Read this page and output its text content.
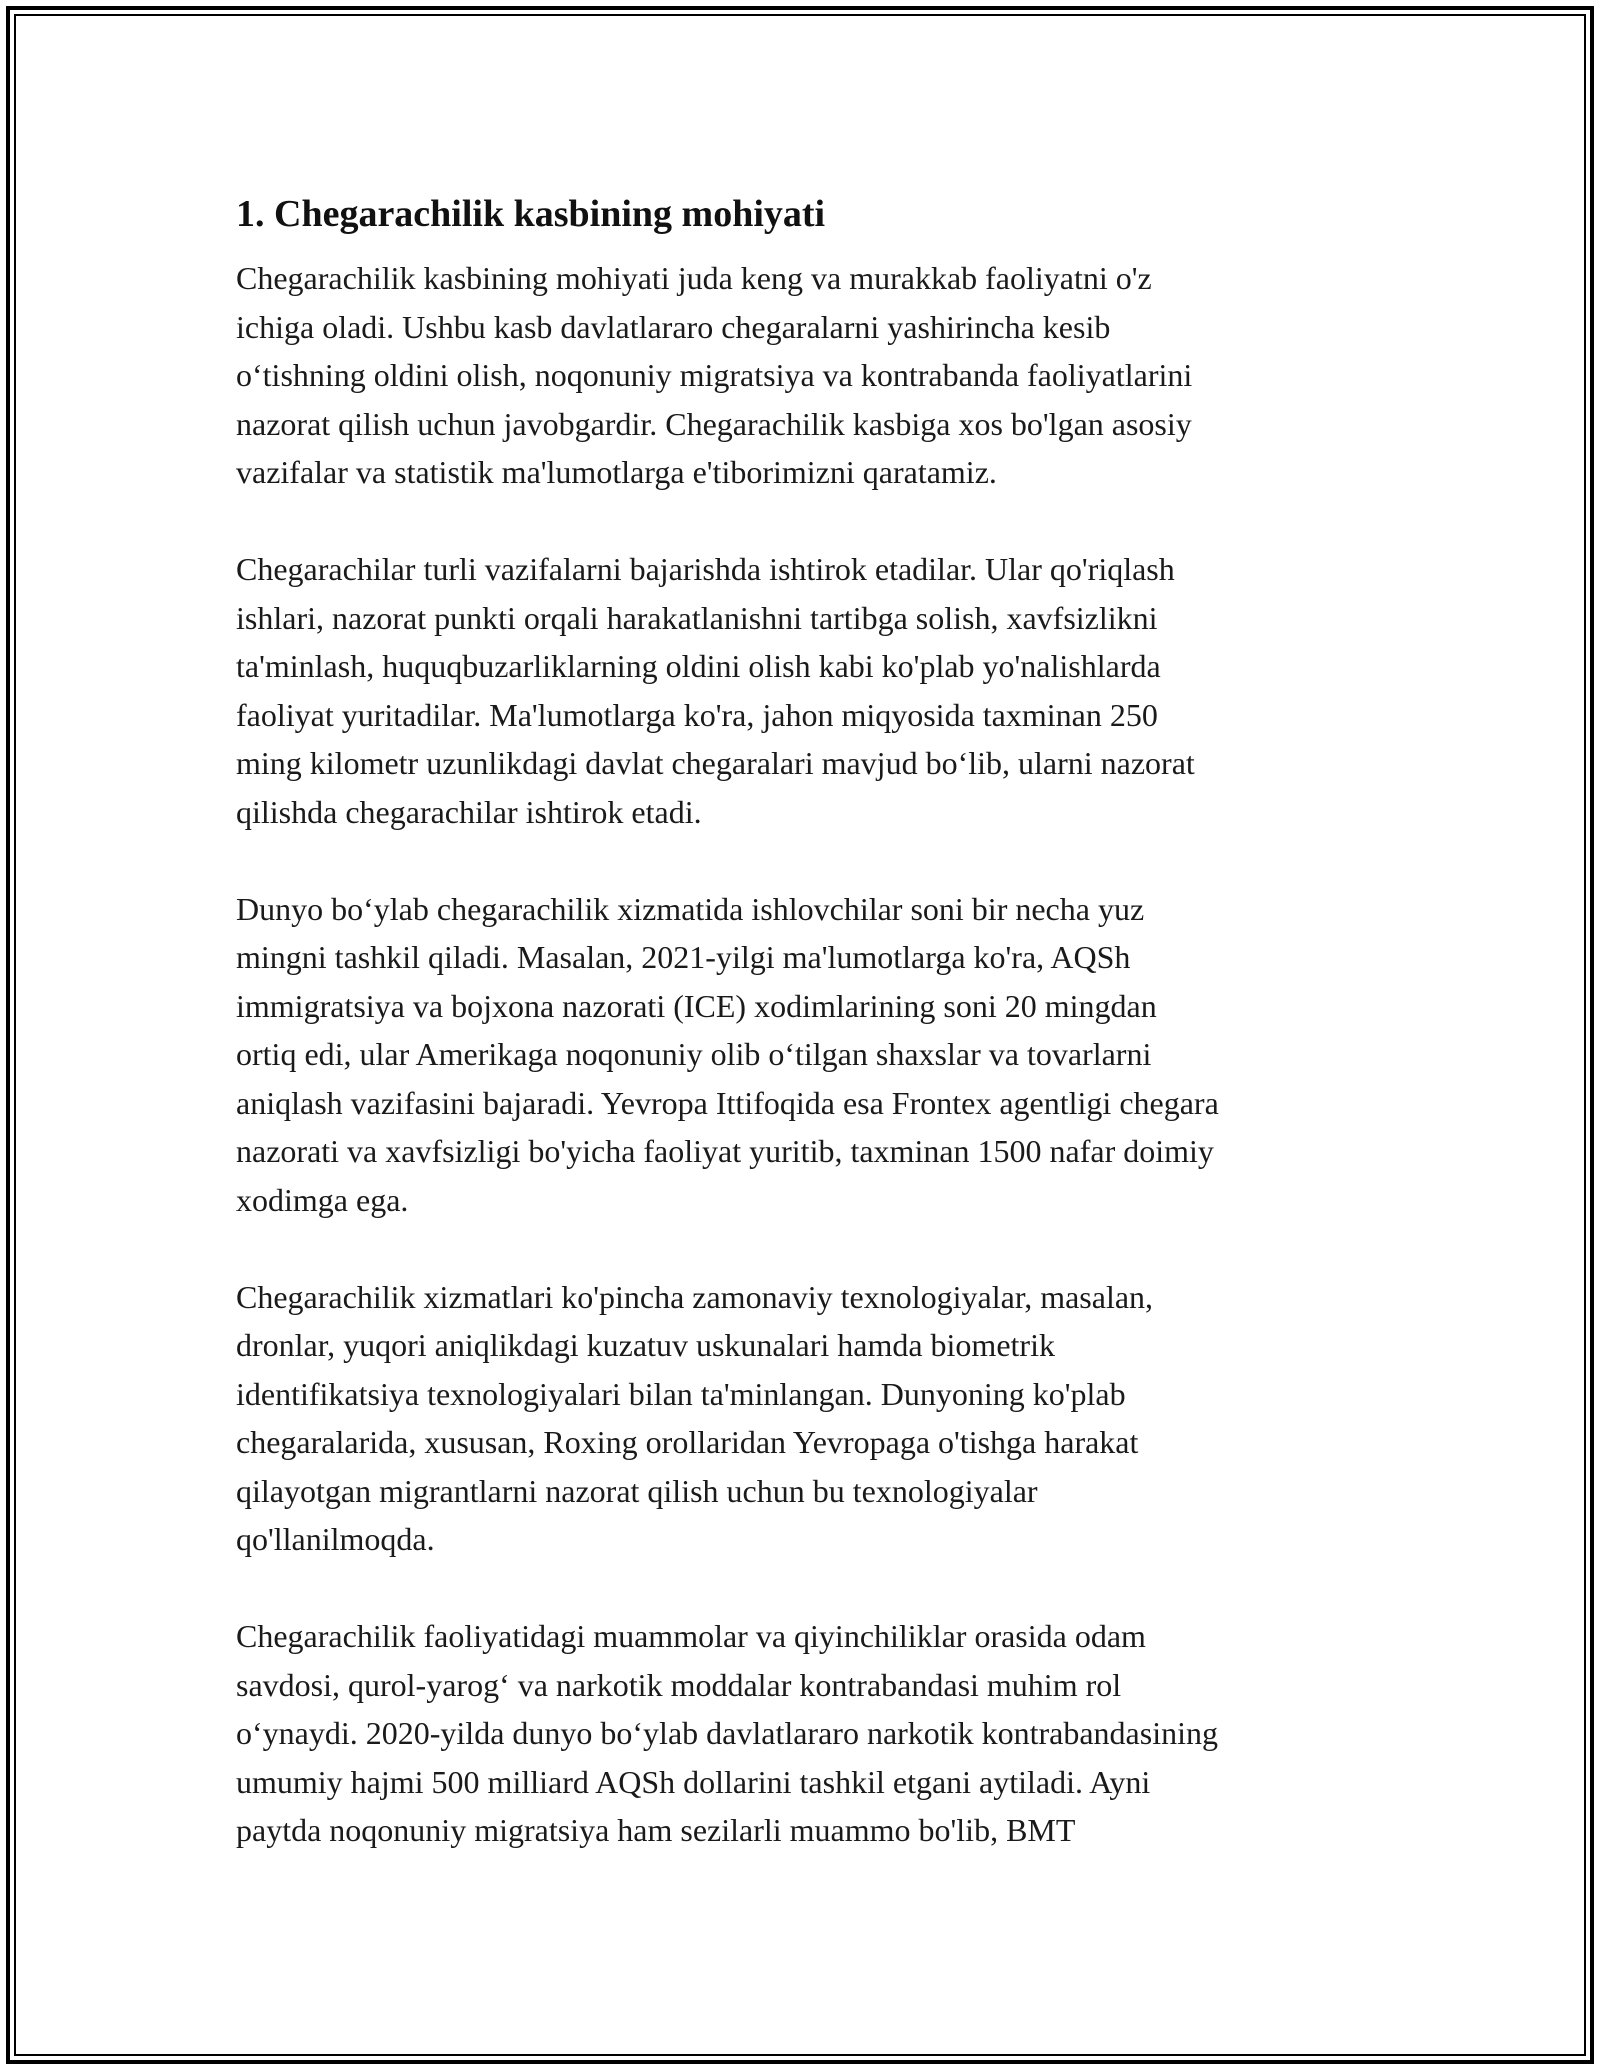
1. Chegarachilik kasbining mohiyati

Chegarachilik kasbining mohiyati juda keng va murakkab faoliyatni o'z
ichiga oladi. Ushbu kasb davlatlararo chegaralarni yashirincha kesib
o‘tishning oldini olish, noqonuniy migratsiya va kontrabanda faoliyatlarini
nazorat qilish uchun javobgardir. Chegarachilik kasbiga xos bo'lgan asosiy
vazifalar va statistik ma'lumotlarga e'tiborimizni qaratamiz.

Chegarachilar turli vazifalarni bajarishda ishtirok etadilar. Ular qo'riqlash
ishlari, nazorat punkti orqali harakatlanishni tartibga solish, xavfsizlikni
ta'minlash, huquqbuzarliklarning oldini olish kabi ko'plab yo'nalishlarda
faoliyat yuritadilar. Ma'lumotlarga ko'ra, jahon miqyosida taxminan 250
ming kilometr uzunlikdagi davlat chegaralari mavjud bo‘lib, ularni nazorat
qilishda chegarachilar ishtirok etadi.

Dunyo bo‘ylab chegarachilik xizmatida ishlovchilar soni bir necha yuz
mingni tashkil qiladi. Masalan, 2021-yilgi ma'lumotlarga ko'ra, AQSh
immigratsiya va bojxona nazorati (ICE) xodimlarining soni 20 mingdan
ortiq edi, ular Amerikaga noqonuniy olib o‘tilgan shaxslar va tovarlarni
aniqlash vazifasini bajaradi. Yevropa Ittifoqida esa Frontex agentligi chegara
nazorati va xavfsizligi bo'yicha faoliyat yuritib, taxminan 1500 nafar doimiy
xodimga ega.

Chegarachilik xizmatlari ko'pincha zamonaviy texnologiyalar, masalan,
dronlar, yuqori aniqlikdagi kuzatuv uskunalari hamda biometrik
identifikatsiya texnologiyalari bilan ta'minlangan. Dunyoning ko'plab
chegaralarida, xususan, Roxing orollaridan Yevropaga o'tishga harakat
qilayotgan migrantlarni nazorat qilish uchun bu texnologiyalar
qo'llanilmoqda.

Chegarachilik faoliyatidagi muammolar va qiyinchiliklar orasida odam
savdosi, qurol-yarog‘ va narkotik moddalar kontrabandasi muhim rol
o‘ynaydi. 2020-yilda dunyo bo‘ylab davlatlararo narkotik kontrabandasining
umumiy hajmi 500 milliard AQSh dollarini tashkil etgani aytiladi. Ayni
paytda noqonuniy migratsiya ham sezilarli muammo bo'lib, BMT
